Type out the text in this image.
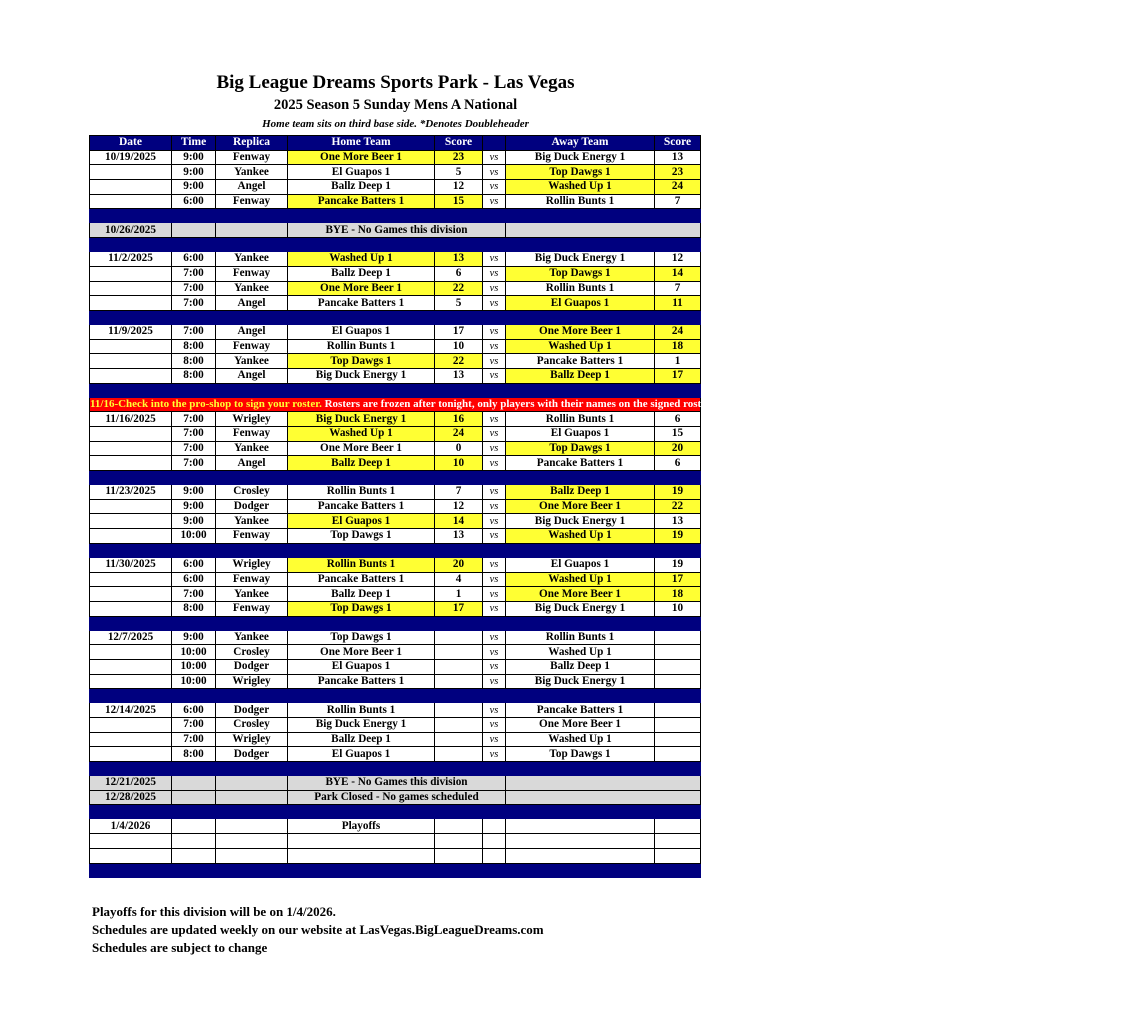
Big League Dreams Sports Park - Las Vegas
2025 Season 5 Sunday Mens A National
Home team sits on third base side. *Denotes Doubleheader
Date	Time	Replica	Home Team	Score		Away Team	Score
10/19/2025	9:00	Fenway	One More Beer 1	23	vs	Big Duck Energy 1	13
	9:00	Yankee	El Guapos 1	5	vs	Top Dawgs 1	23
	9:00	Angel	Ballz Deep 1	12	vs	Washed Up 1	24
	6:00	Fenway	Pancake Batters 1	15	vs	Rollin Bunts 1	7

10/26/2025			BYE - No Games this division				

11/2/2025	6:00	Yankee	Washed Up 1	13	vs	Big Duck Energy 1	12
	7:00	Fenway	Ballz Deep 1	6	vs	Top Dawgs 1	14
	7:00	Yankee	One More Beer 1	22	vs	Rollin Bunts 1	7
	7:00	Angel	Pancake Batters 1	5	vs	El Guapos 1	11

11/9/2025	7:00	Angel	El Guapos 1	17	vs	One More Beer 1	24
	8:00	Fenway	Rollin Bunts 1	10	vs	Washed Up 1	18
	8:00	Yankee	Top Dawgs 1	22	vs	Pancake Batters 1	1
	8:00	Angel	Big Duck Energy 1	13	vs	Ballz Deep 1	17

11/16-Check into the pro-shop to sign your roster. Rosters are frozen after tonight, only players with their names on the signed roster are eligible for playoffs. Please check carefully as changes will not be made for omissions.							
11/16/2025	7:00	Wrigley	Big Duck Energy 1	16	vs	Rollin Bunts 1	6
	7:00	Fenway	Washed Up 1	24	vs	El Guapos 1	15
	7:00	Yankee	One More Beer 1	0	vs	Top Dawgs 1	20
	7:00	Angel	Ballz Deep 1	10	vs	Pancake Batters 1	6

11/23/2025	9:00	Crosley	Rollin Bunts 1	7	vs	Ballz Deep 1	19
	9:00	Dodger	Pancake Batters 1	12	vs	One More Beer 1	22
	9:00	Yankee	El Guapos 1	14	vs	Big Duck Energy 1	13
	10:00	Fenway	Top Dawgs 1	13	vs	Washed Up 1	19

11/30/2025	6:00	Wrigley	Rollin Bunts 1	20	vs	El Guapos 1	19
	6:00	Fenway	Pancake Batters 1	4	vs	Washed Up 1	17
	7:00	Yankee	Ballz Deep 1	1	vs	One More Beer 1	18
	8:00	Fenway	Top Dawgs 1	17	vs	Big Duck Energy 1	10

12/7/2025	9:00	Yankee	Top Dawgs 1		vs	Rollin Bunts 1	
	10:00	Crosley	One More Beer 1		vs	Washed Up 1	
	10:00	Dodger	El Guapos 1		vs	Ballz Deep 1	
	10:00	Wrigley	Pancake Batters 1		vs	Big Duck Energy 1	

12/14/2025	6:00	Dodger	Rollin Bunts 1		vs	Pancake Batters 1	
	7:00	Crosley	Big Duck Energy 1		vs	One More Beer 1	
	7:00	Wrigley	Ballz Deep 1		vs	Washed Up 1	
	8:00	Dodger	El Guapos 1		vs	Top Dawgs 1	

12/21/2025			BYE - No Games this division				
12/28/2025			Park Closed - No games scheduled				

1/4/2026			Playoffs				

Playoffs for this division will be on 1/4/2026.
Schedules are updated weekly on our website at LasVegas.BigLeagueDreams.com
Schedules are subject to change
